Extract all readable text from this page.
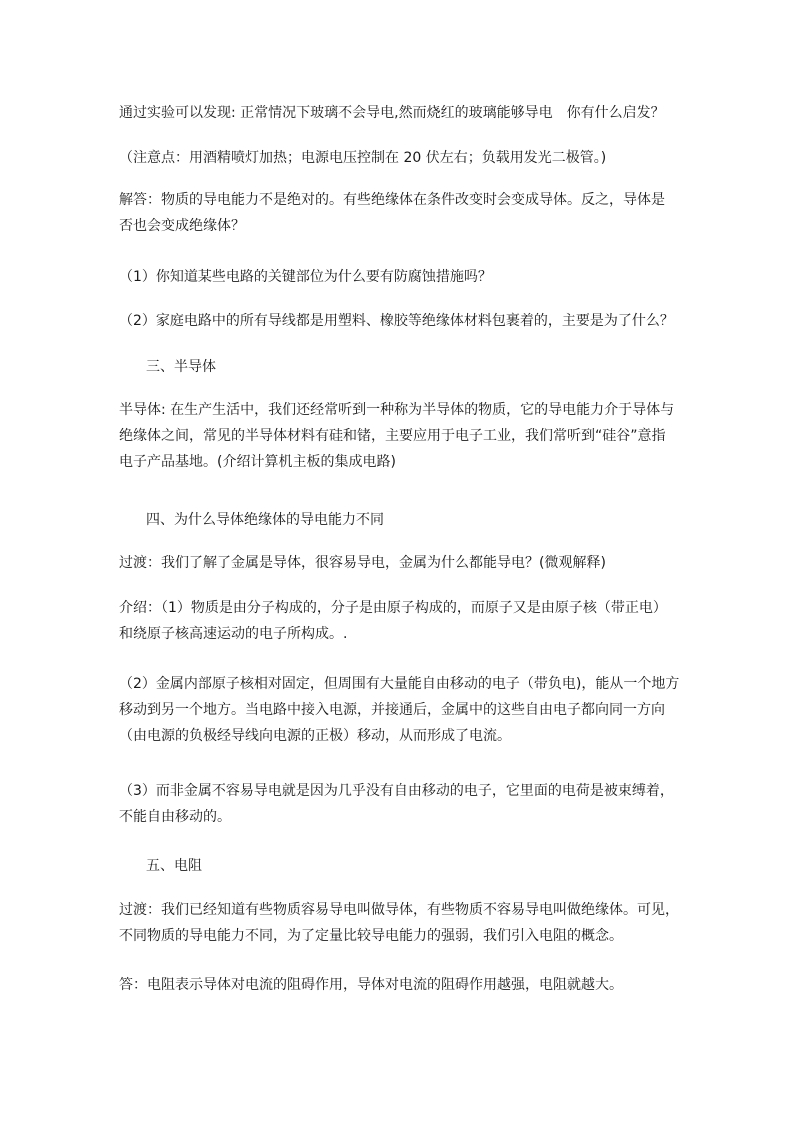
通过实验可以发现: 正常情况下玻璃不会导电,然而烧红的玻璃能够导电　你有什么启发？
（注意点：用酒精喷灯加热；电源电压控制在 20 伏左右；负载用发光二极管。)
解答：物质的导电能力不是绝对的。有些绝缘体在条件改变时会变成导体。反之，导体是
否也会变成绝缘体？
（1）你知道某些电路的关键部位为什么要有防腐蚀措施吗？
（2）家庭电路中的所有导线都是用塑料、橡胶等绝缘体材料包裹着的，主要是为了什么？
三、半导体
半导体: 在生产生活中，我们还经常听到一种称为半导体的物质，它的导电能力介于导体与
绝缘体之间，常见的半导体材料有硅和锗，主要应用于电子工业，我们常听到“硅谷”意指
电子产品基地。(介绍计算机主板的集成电路)
四、为什么导体绝缘体的导电能力不同
过渡：我们了解了金属是导体，很容易导电，金属为什么都能导电？(微观解释)
介绍：（1）物质是由分子构成的，分子是由原子构成的，而原子又是由原子核（带正电）
和绕原子核高速运动的电子所构成。.
（2）金属内部原子核相对固定，但周围有大量能自由移动的电子（带负电)，能从一个地方
移动到另一个地方。当电路中接入电源，并接通后，金属中的这些自由电子都向同一方向
（由电源的负极经导线向电源的正极）移动，从而形成了电流。
（3）而非金属不容易导电就是因为几乎没有自由移动的电子，它里面的电荷是被束缚着，
不能自由移动的。
五、电阻
过渡：我们已经知道有些物质容易导电叫做导体，有些物质不容易导电叫做绝缘体。可见，
不同物质的导电能力不同，为了定量比较导电能力的强弱，我们引入电阻的概念。
答：电阻表示导体对电流的阻碍作用，导体对电流的阻碍作用越强，电阻就越大。
